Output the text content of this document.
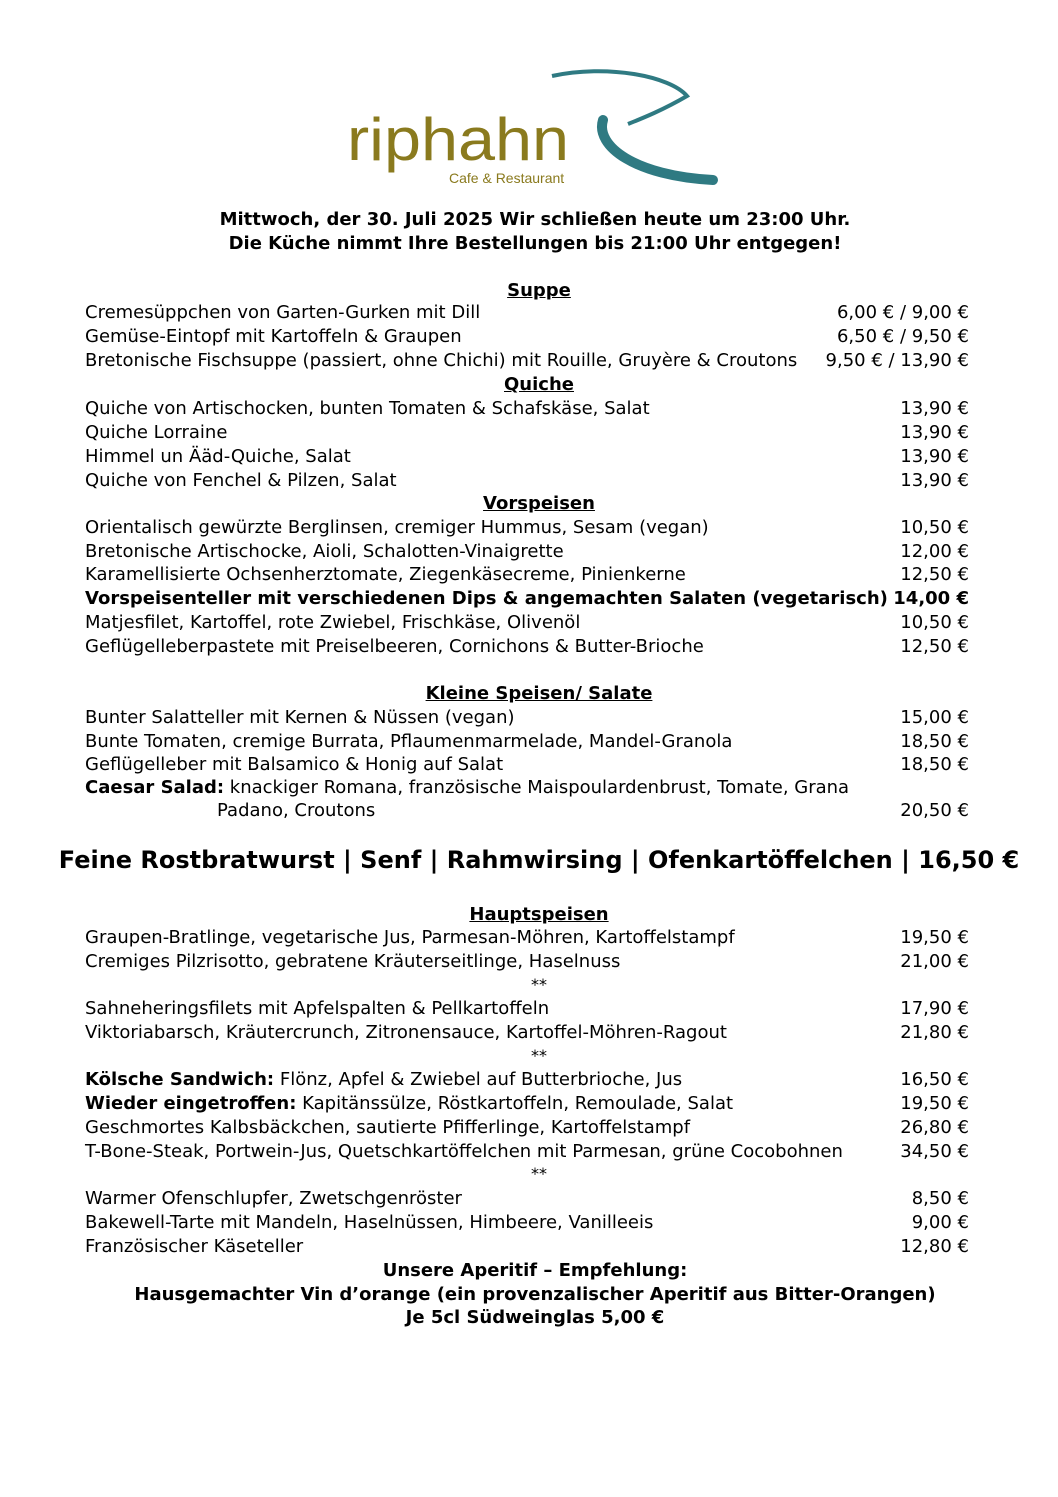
riphahn
Cafe & Restaurant
Mittwoch, der 30. Juli 2025 Wir schließen heute um 23:00 Uhr.
Die Küche nimmt Ihre Bestellungen bis 21:00 Uhr entgegen!
Suppe
Cremesüppchen von Garten-Gurken mit Dill	6,00 € / 9,00 €
Gemüse-Eintopf mit Kartoffeln & Graupen	6,50 € / 9,50 €
Bretonische Fischsuppe (passiert, ohne Chichi) mit Rouille, Gruyère & Croutons	9,50 € / 13,90 €
Quiche
Quiche von Artischocken, bunten Tomaten & Schafskäse, Salat	13,90 €
Quiche Lorraine	13,90 €
Himmel un Ääd-Quiche, Salat	13,90 €
Quiche von Fenchel & Pilzen, Salat	13,90 €
Vorspeisen
Orientalisch gewürzte Berglinsen, cremiger Hummus, Sesam (vegan)	10,50 €
Bretonische Artischocke, Aioli, Schalotten-Vinaigrette	12,00 €
Karamellisierte Ochsenherztomate, Ziegenkäsecreme, Pinienkerne	12,50 €
Vorspeisenteller mit verschiedenen Dips & angemachten Salaten (vegetarisch) 14,00 €
Matjesfilet, Kartoffel, rote Zwiebel, Frischkäse, Olivenöl	10,50 €
Geflügelleberpastete mit Preiselbeeren, Cornichons & Butter-Brioche	12,50 €
Kleine Speisen/ Salate
Bunter Salatteller mit Kernen & Nüssen (vegan)	15,00 €
Bunte Tomaten, cremige Burrata, Pflaumenmarmelade, Mandel-Granola	18,50 €
Geflügelleber mit Balsamico & Honig auf Salat	18,50 €
Caesar Salad: knackiger Romana, französische Maispoulardenbrust, Tomate, Grana
Padano, Croutons	20,50 €
Feine Rostbratwurst | Senf | Rahmwirsing | Ofenkartöffelchen | 16,50 €
Hauptspeisen
Graupen-Bratlinge, vegetarische Jus, Parmesan-Möhren, Kartoffelstampf	19,50 €
Cremiges Pilzrisotto, gebratene Kräuterseitlinge, Haselnuss	21,00 €
**
Sahneheringsfilets mit Apfelspalten & Pellkartoffeln	17,90 €
Viktoriabarsch, Kräutercrunch, Zitronensauce, Kartoffel-Möhren-Ragout	21,80 €
**
Kölsche Sandwich: Flönz, Apfel & Zwiebel auf Butterbrioche, Jus	16,50 €
Wieder eingetroffen: Kapitänssülze, Röstkartoffeln, Remoulade, Salat	19,50 €
Geschmortes Kalbsbäckchen, sautierte Pfifferlinge, Kartoffelstampf	26,80 €
T-Bone-Steak, Portwein-Jus, Quetschkartöffelchen mit Parmesan, grüne Cocobohnen	34,50 €
**
Warmer Ofenschlupfer, Zwetschgenröster	8,50 €
Bakewell-Tarte mit Mandeln, Haselnüssen, Himbeere, Vanilleeis	9,00 €
Französischer Käseteller	12,80 €
Unsere Aperitif – Empfehlung:
Hausgemachter Vin d’orange (ein provenzalischer Aperitif aus Bitter-Orangen)
Je 5cl Südweinglas 5,00 €
